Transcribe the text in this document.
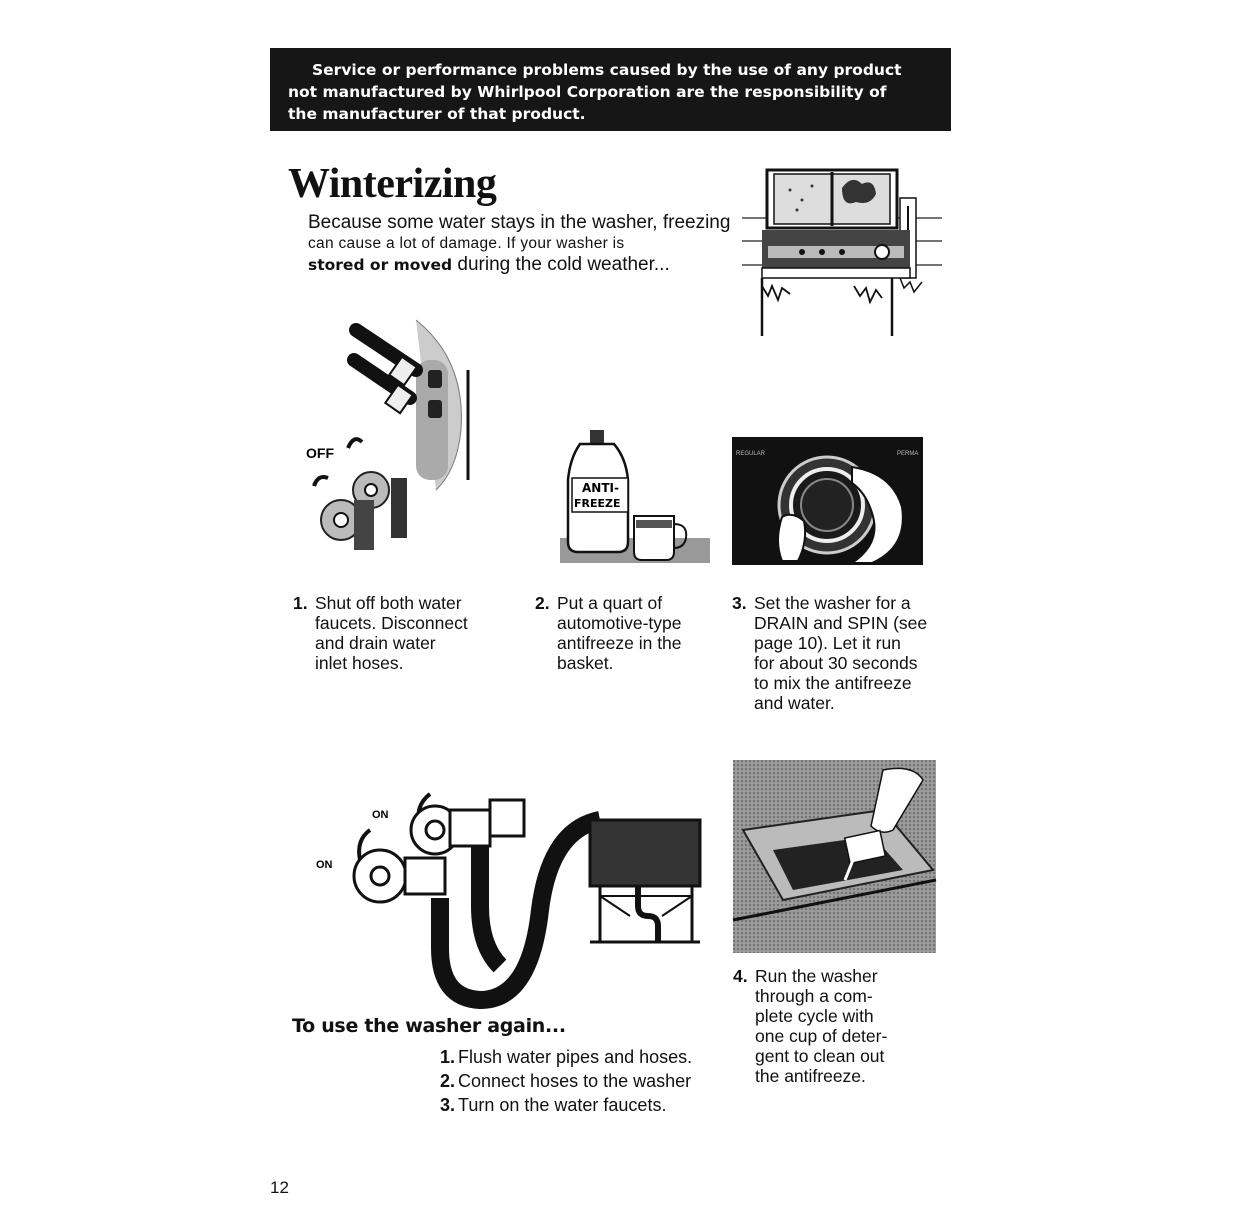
Service or performance problems caused by the use of any product
not manufactured by Whirlpool Corporation are the responsibility of
the manufacturer of that product.
Winterizing
Because some water stays in the washer, freezing
can cause a lot of damage. If your washer is
stored or moved during the cold weather...
OFF
ANTI-
FREEZE
REGULAR	PERMA
ON
ON
1. Shut off both water
faucets. Disconnect
and drain water
inlet hoses.
2. Put a quart of
automotive-type
antifreeze in the
basket.
3. Set the washer for a
DRAIN and SPIN (see
page 10). Let it run
for about 30 seconds
to mix the antifreeze
and water.
4. Run the washer
through a com-
plete cycle with
one cup of deter-
gent to clean out
the antifreeze.
To use the washer again...
1. Flush water pipes and hoses.
2. Connect hoses to the washer
3. Turn on the water faucets.
12
